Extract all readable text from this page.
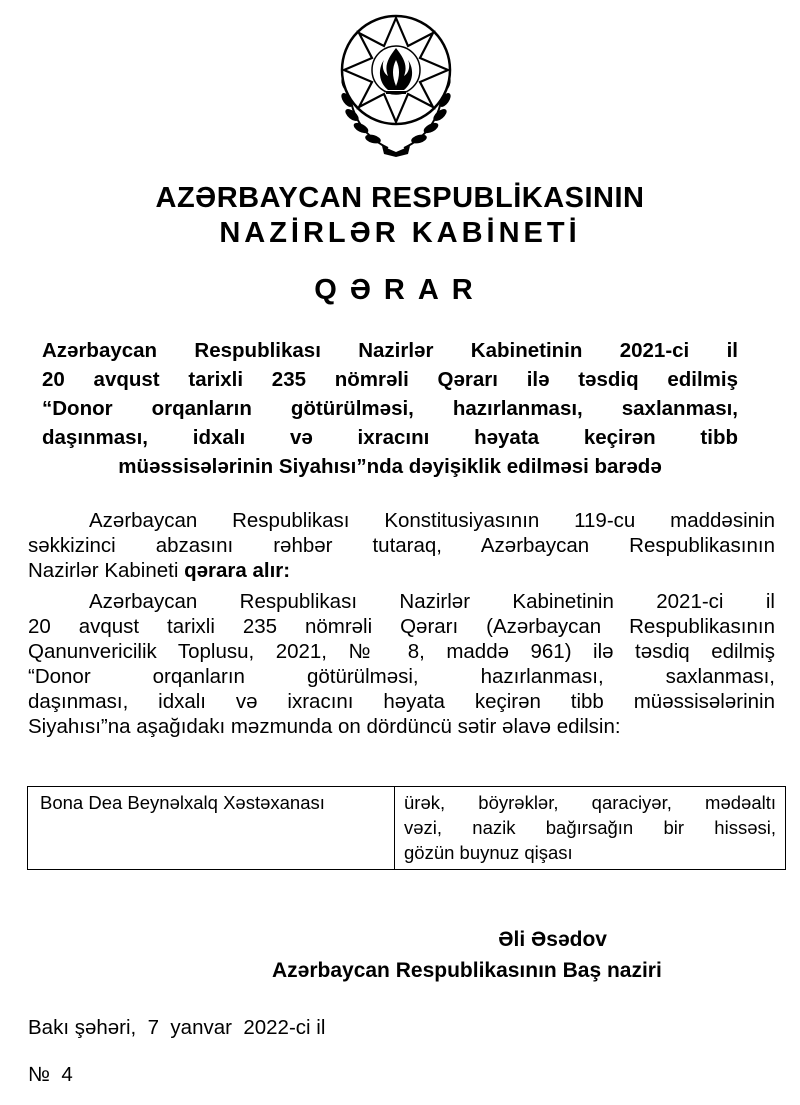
AZƏRBAYCAN RESPUBLİKASININ
NAZİRLƏR KABİNETİ
QƏRAR
Azərbaycan Respublikası Nazirlər Kabinetinin 2021-ci il
20 avqust tarixli 235 nömrəli Qərarı ilə təsdiq edilmiş
“Donor orqanların götürülməsi, hazırlanması, saxlanması,
daşınması, idxalı və ixracını həyata keçirən tibb
müəssisələrinin Siyahısı”nda dəyişiklik edilməsi barədə
Azərbaycan Respublikası Konstitusiyasının 119-cu maddəsinin
səkkizinci abzasını rəhbər tutaraq, Azərbaycan Respublikasının
Nazirlər Kabineti qərara alır:
Azərbaycan Respublikası Nazirlər Kabinetinin 2021-ci il
20 avqust tarixli 235 nömrəli Qərarı (Azərbaycan Respublikasının
Qanunvericilik Toplusu, 2021, № 8, maddə 961) ilə təsdiq edilmiş
“Donor orqanların götürülməsi, hazırlanması, saxlanması,
daşınması, idxalı və ixracını həyata keçirən tibb müəssisələrinin
Siyahısı”na aşağıdakı məzmunda on dördüncü sətir əlavə edilsin:
Bona Dea Beynəlxalq Xəstəxanası	ürək, böyrəklər, qaraciyər, mədəaltı
vəzi, nazik bağırsağın bir hissəsi,
gözün buynuz qişası
Əli Əsədov
Azərbaycan Respublikasının Baş naziri
Bakı şəhəri,  7  yanvar  2022-ci il
№  4
